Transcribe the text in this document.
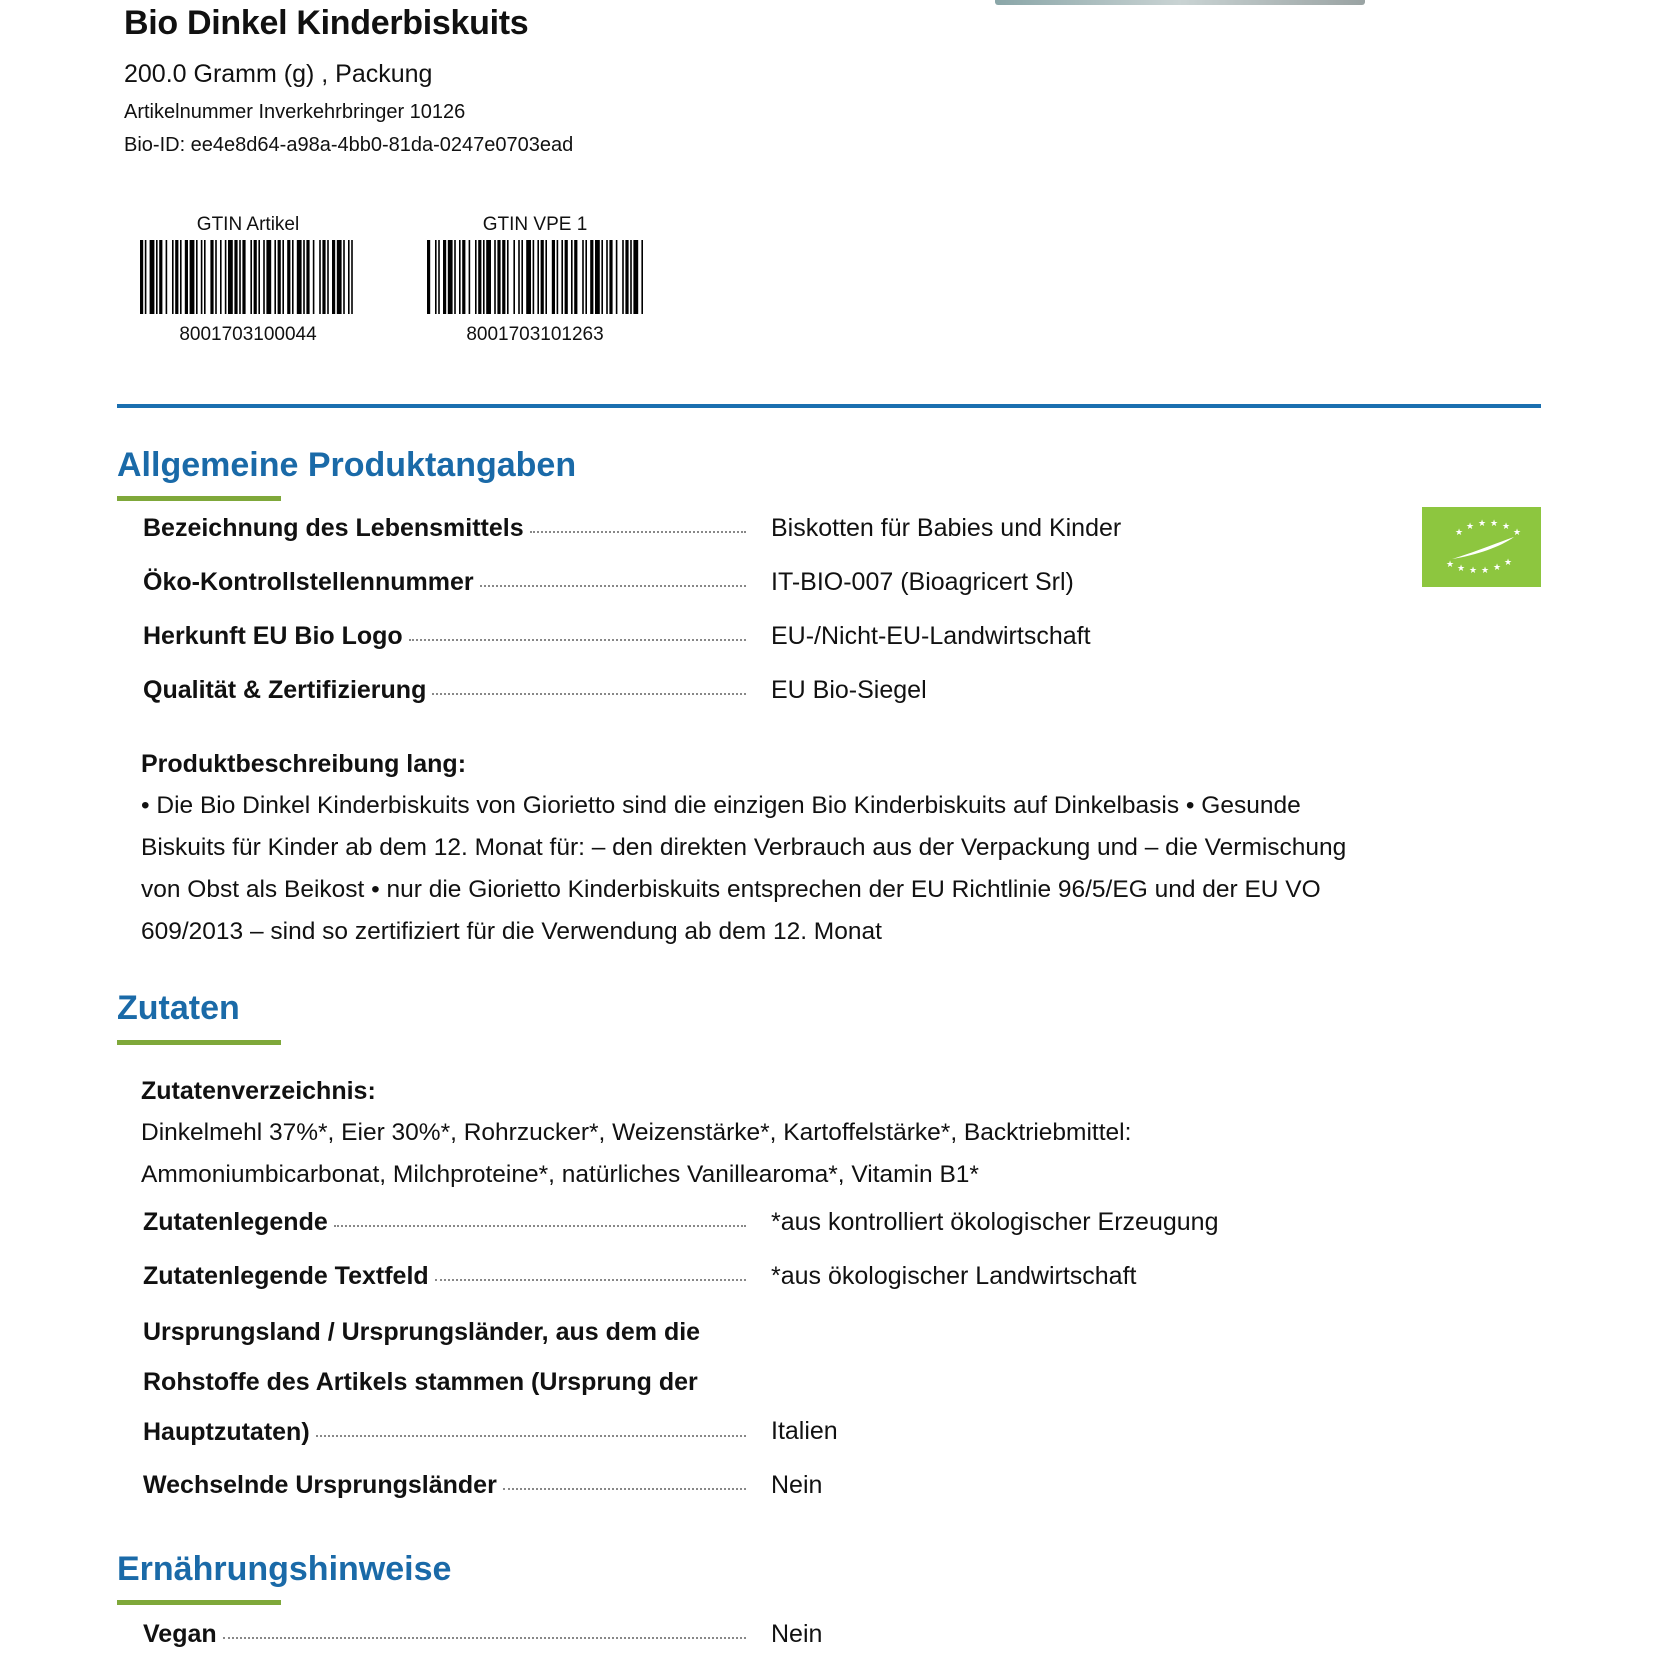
Bio Dinkel Kinderbiskuits
200.0 Gramm (g) , Packung
Artikelnummer Inverkehrbringer 10126
Bio-ID: ee4e8d64-a98a-4bb0-81da-0247e0703ead
GTIN Artikel
8001703100044
GTIN VPE 1
8001703101263
Allgemeine Produktangaben
★
★ ★ ★ ★
★
★ ★ ★ ★ ★ ★
Bezeichnung des Lebensmittels	Biskotten für Babies und Kinder
Öko-Kontrollstellennummer	IT-BIO-007 (Bioagricert Srl)
Herkunft EU Bio Logo	EU-/Nicht-EU-Landwirtschaft
Qualität & Zertifizierung	EU Bio-Siegel
Produktbeschreibung lang:
• Die Bio Dinkel Kinderbiskuits von Giorietto sind die einzigen Bio Kinderbiskuits auf Dinkelbasis • Gesunde Biskuits für Kinder ab dem 12. Monat für: – den direkten Verbrauch aus der Verpackung und – die Vermischung von Obst als Beikost • nur die Giorietto Kinderbiskuits entsprechen der EU Richtlinie 96/5/EG und der EU VO 609/2013 – sind so zertifiziert für die Verwendung ab dem 12. Monat
Zutaten
Zutatenverzeichnis:
Dinkelmehl 37%*, Eier 30%*, Rohrzucker*, Weizenstärke*, Kartoffelstärke*, Backtriebmittel: Ammoniumbicarbonat, Milchproteine*, natürliches Vanillearoma*, Vitamin B1*
Zutatenlegende	*aus kontrolliert ökologischer Erzeugung
Zutatenlegende Textfeld	*aus ökologischer Landwirtschaft
Ursprungsland / Ursprungsländer, aus dem die
Rohstoffe des Artikels stammen (Ursprung der
Hauptzutaten)	Italien
Wechselnde Ursprungsländer	Nein
Ernährungshinweise
Vegan	Nein
